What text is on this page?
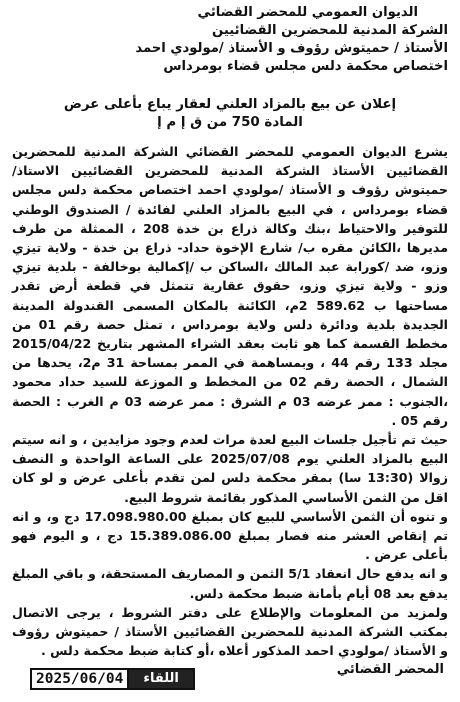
الديوان العمومي للمحضر القضائي
الشركة المدنية للمحضرين القضائيين
الأستاذ / حميتوش رؤوف و الأستاذ /مولودي احمد
اختصاص محكمة دلس مجلس قضاء بومرداس
إعلان عن بيع بالمزاد العلني لعقار يباع بأعلى عرض
المادة 750 من ق إ م إ

يشرع الديوان العمومي للمحضر القضائي الشركة المدنية للمحضرين القضائيين الأستاذ الشركة المدنية للمحضرين القضائيين الاستاذ/ حميتوش رؤوف و الأستاذ /مولودي احمد اختصاص محكمة دلس مجلس قضاء بومرداس ، في البيع بالمزاد العلني لفائدة / الصندوق الوطني للتوفير والاحتياط ،بنك وكالة ذراع بن خدة 208 ، الممثلة من طرف مديرها ،الكائن مقره ب/ شارع الإخوة حداد- ذراع بن خدة - ولاية تيزي وزو، ضد /كورابة عبد المالك ،الساكن ب /إكمالية بوخالفة - بلدية تيزي وزو - ولاية تيزي وزو، حقوق عقارية تتمثل في قطعة أرض تقدر مساحتها ب 589.62 2م، الكائنة بالمكان المسمى القندولة المدينة الجديدة بلدية ودائرة دلس ولاية بومرداس ، تمثل حصة رقم 01 من مخطط القسمة كما هو ثابت بعقد الشراء المشهر بتاريخ 2015/04/22 مجلد 133 رقم 44 ، وبمساهمة في الممر بمساحة 31 م2، يحدها من الشمال ، الحصة رقم 02 من المخطط و الموزعة للسيد حداد محمود ،الجنوب : ممر عرضه 03 م الشرق : ممر عرضه 03 م الغرب : الحصة رقم 05 .

حيث تم تأجيل جلسات البيع لعدة مرات لعدم وجود مزايدين ، و انه سيتم البيع بالمزاد العلني يوم 2025/07/08 على الساعة الواحدة و النصف زوالا (13:30 سا) بمقر محكمة دلس لمن تقدم بأعلى عرض و لو كان اقل من الثمن الأساسي المذكور بقائمة شروط البيع.

و تنوه أن الثمن الأساسي للبيع كان بمبلغ 17.098.980.00 دج و، و انه تم إنقاص العشر منه فصار بمبلغ 15.389.086.00 دج ، و اليوم فهو بأعلى عرض .

و انه يدفع حال انعقاد 5/1 الثمن و المصاريف المستحقة، و باقي المبلغ يدفع بعد 08 أيام بأمانة ضبط محكمة دلس.

ولمزيد من المعلومات والإطلاع على دفتر الشروط ، يرجى الاتصال بمكتب الشركة المدنية للمحضرين القضائيين الأستاذ / حميتوش رؤوف و الأستاذ /مولودي احمد المذكور أعلاه ،أو كتابة ضبط محكمة دلس .

المحضر القضائي
2025/06/04	اللقاء
